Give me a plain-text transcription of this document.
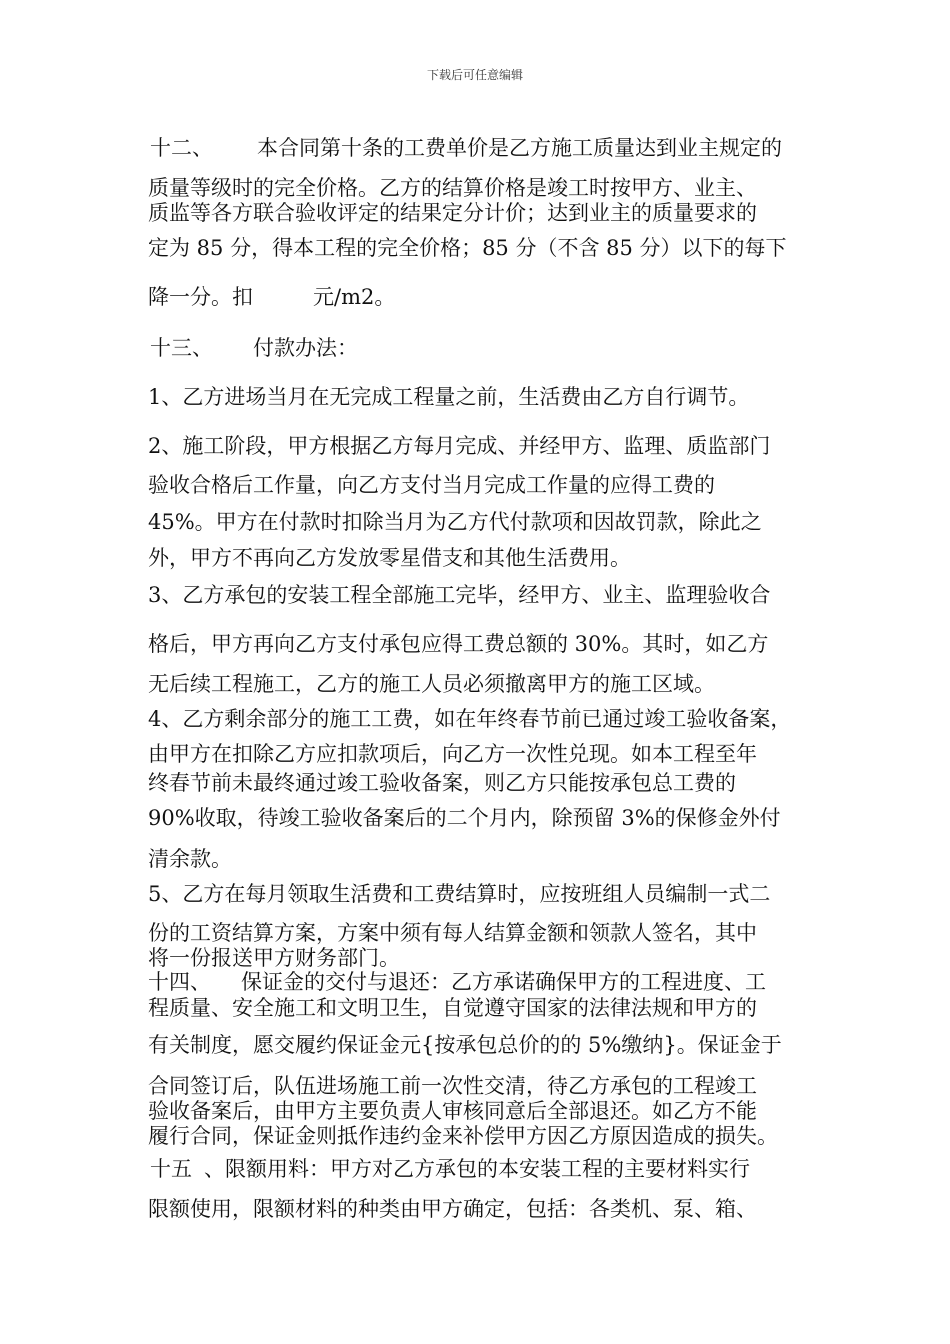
下载后可任意编辑
十二、 本合同第十条的工费单价是乙方施工质量达到业主规定的
质量等级时的完全价格。乙方的结算价格是竣工时按甲方、业主、
质监等各方联合验收评定的结果定分计价；达到业主的质量要求的
定为 85 分，得本工程的完全价格；85 分（不含 85 分）以下的每下
降一分。扣	元/m2。
十三、 付款办法：
1、乙方进场当月在无完成工程量之前，生活费由乙方自行调节。
2、施工阶段，甲方根据乙方每月完成、并经甲方、监理、质监部门
验收合格后工作量，向乙方支付当月完成工作量的应得工费的
45%。甲方在付款时扣除当月为乙方代付款项和因故罚款，除此之
外，甲方不再向乙方发放零星借支和其他生活费用。
3、乙方承包的安装工程全部施工完毕，经甲方、业主、监理验收合
格后，甲方再向乙方支付承包应得工费总额的 30%。其时，如乙方
无后续工程施工，乙方的施工人员必须撤离甲方的施工区域。
4、乙方剩余部分的施工工费，如在年终春节前已通过竣工验收备案，
由甲方在扣除乙方应扣款项后，向乙方一次性兑现。如本工程至年
终春节前未最终通过竣工验收备案，则乙方只能按承包总工费的
90%收取，待竣工验收备案后的二个月内，除预留 3%的保修金外付
清余款。
5、乙方在每月领取生活费和工费结算时，应按班组人员编制一式二
份的工资结算方案，方案中须有每人结算金额和领款人签名，其中
将一份报送甲方财务部门。
十四、 保证金的交付与退还：乙方承诺确保甲方的工程进度、工
程质量、安全施工和文明卫生，自觉遵守国家的法律法规和甲方的
有关制度，愿交履约保证金元{按承包总价的的 5%缴纳}。保证金于
合同签订后，队伍进场施工前一次性交清，待乙方承包的工程竣工
验收备案后，由甲方主要负责人审核同意后全部退还。如乙方不能
履行合同，保证金则抵作违约金来补偿甲方因乙方原因造成的损失。
十五 、限额用料：甲方对乙方承包的本安装工程的主要材料实行
限额使用，限额材料的种类由甲方确定，包括：各类机、泵、箱、
